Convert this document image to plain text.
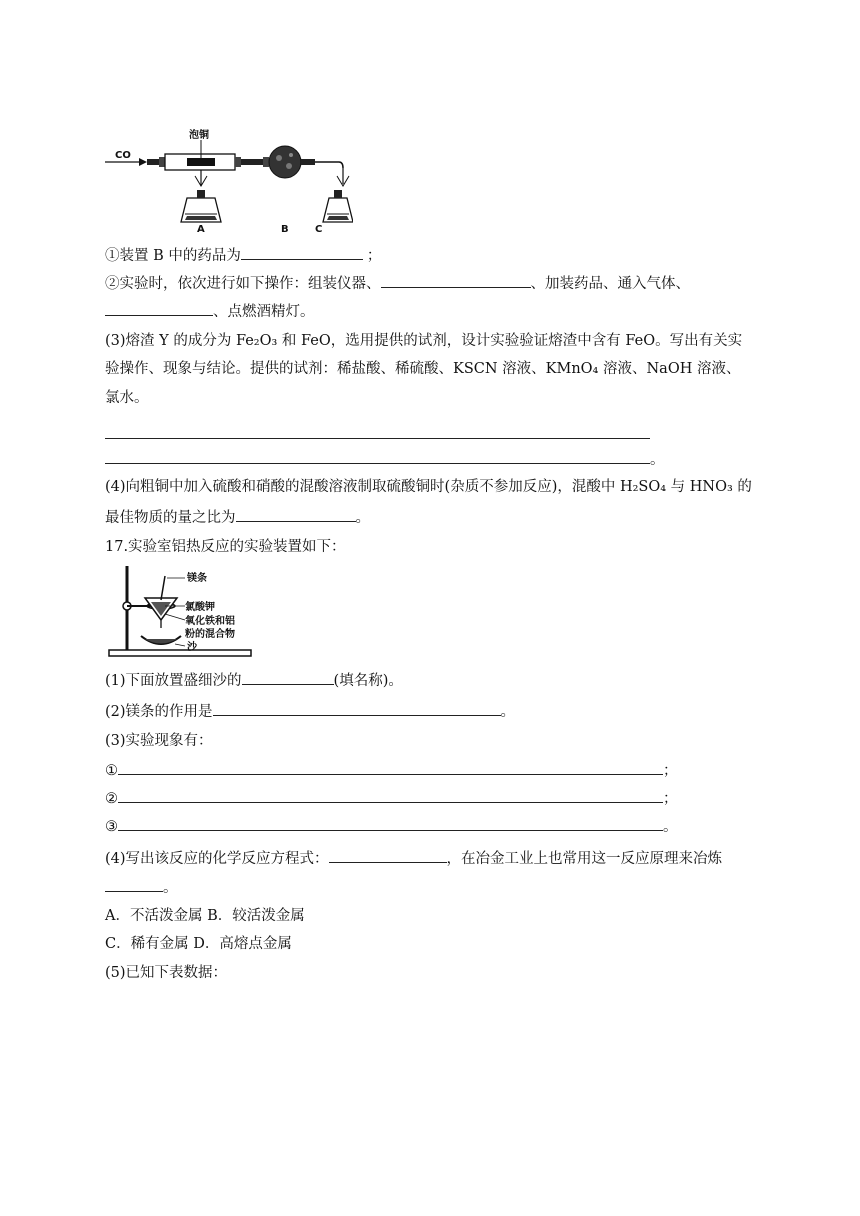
CO
泡铜
A	B	C
①装置 B 中的药品为	；
②实验时，依次进行如下操作：组装仪器、	、加装药品、通入气体、
、点燃酒精灯。
(3)熔渣 Y 的成分为 Fe₂O₃ 和 FeO，选用提供的试剂，设计实验验证熔渣中含有 FeO。写出有关实
验操作、现象与结论。提供的试剂：稀盐酸、稀硫酸、KSCN 溶液、KMnO₄ 溶液、NaOH 溶液、
氯水。
。
(4)向粗铜中加入硫酸和硝酸的混酸溶液制取硫酸铜时(杂质不参加反应)，混酸中 H₂SO₄ 与 HNO₃ 的
最佳物质的量之比为	。
17.实验室铝热反应的实验装置如下：
镁条
氯酸钾
氧化铁和铝
粉的混合物
沙
(1)下面放置盛细沙的	(填名称)。
(2)镁条的作用是	。
(3)实验现象有：
①	；
②	；
③	。
(4)写出该反应的化学反应方程式：	，在冶金工业上也常用这一反应原理来冶炼
。
A．不活泼金属 B．较活泼金属
C．稀有金属 D．高熔点金属
(5)已知下表数据：
